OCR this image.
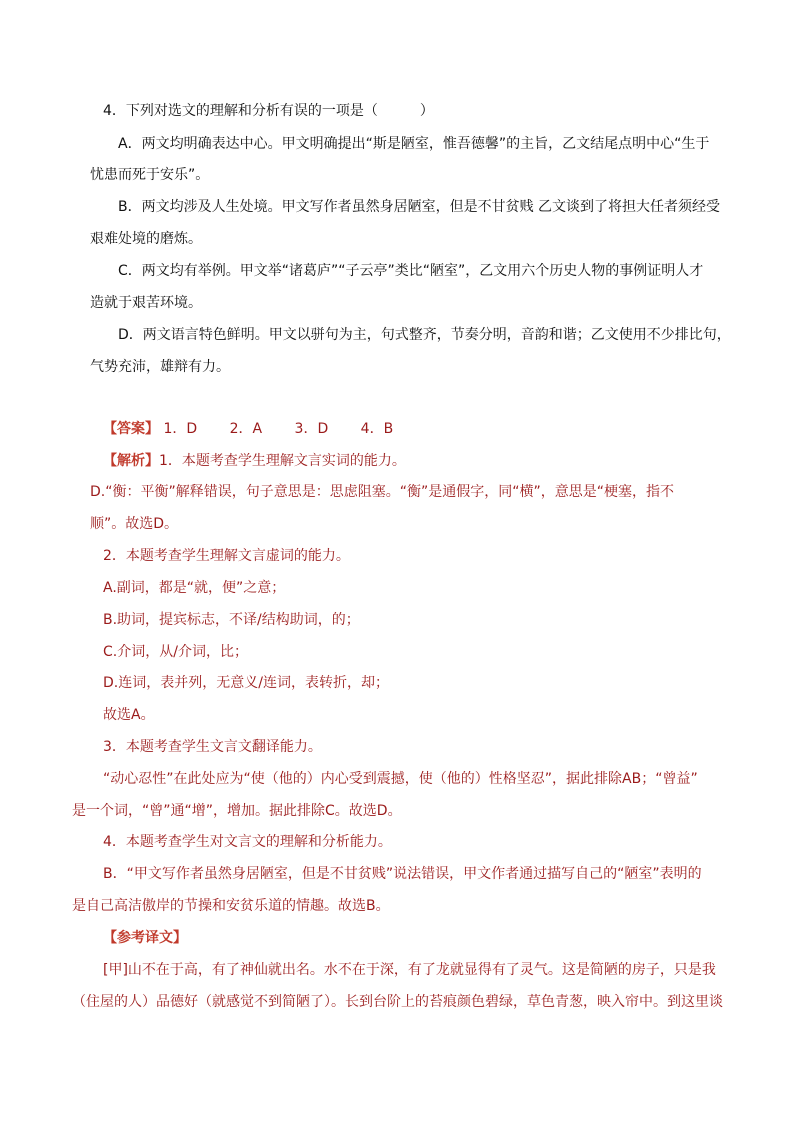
4．下列对选文的理解和分析有误的一项是（　　　）
A．两文均明确表达中心。甲文明确提出“斯是陋室，惟吾德馨”的主旨，乙文结尾点明中心“生于
忧患而死于安乐”。
B．两文均涉及人生处境。甲文写作者虽然身居陋室，但是不甘贫贱 乙文谈到了将担大任者须经受
艰难处境的磨炼。
C．两文均有举例。甲文举“诸葛庐”“子云亭”类比“陋室”，乙文用六个历史人物的事例证明人才
造就于艰苦环境。
D．两文语言特色鲜明。甲文以骈句为主，句式整齐，节奏分明，音韵和谐；乙文使用不少排比句，
气势充沛，雄辩有力。
【答案】 1．D 2．A 3．D 4．B
【解析】1．本题考查学生理解文言实词的能力。
D.“衡：平衡”解释错误，句子意思是：思虑阻塞。“衡”是通假字，同“横”，意思是“梗塞，指不
顺”。故选D。
2．本题考查学生理解文言虚词的能力。
A.副词，都是“就，便”之意；
B.助词，提宾标志，不译/结构助词，的；
C.介词，从/介词，比；
D.连词，表并列，无意义/连词，表转折，却；
故选A。
3．本题考查学生文言文翻译能力。
“动心忍性”在此处应为“使（他的）内心受到震撼，使（他的）性格坚忍”，据此排除AB；“曾益”
是一个词，“曾”通“增”，增加。据此排除C。故选D。
4．本题考查学生对文言文的理解和分析能力。
B．“甲文写作者虽然身居陋室，但是不甘贫贱”说法错误，甲文作者通过描写自己的“陋室”表明的
是自己高洁傲岸的节操和安贫乐道的情趣。故选B。
【参考译文】
[甲]山不在于高，有了神仙就出名。水不在于深，有了龙就显得有了灵气。这是简陋的房子，只是我
（住屋的人）品德好（就感觉不到简陋了）。长到台阶上的苔痕颜色碧绿，草色青葱，映入帘中。到这里谈
